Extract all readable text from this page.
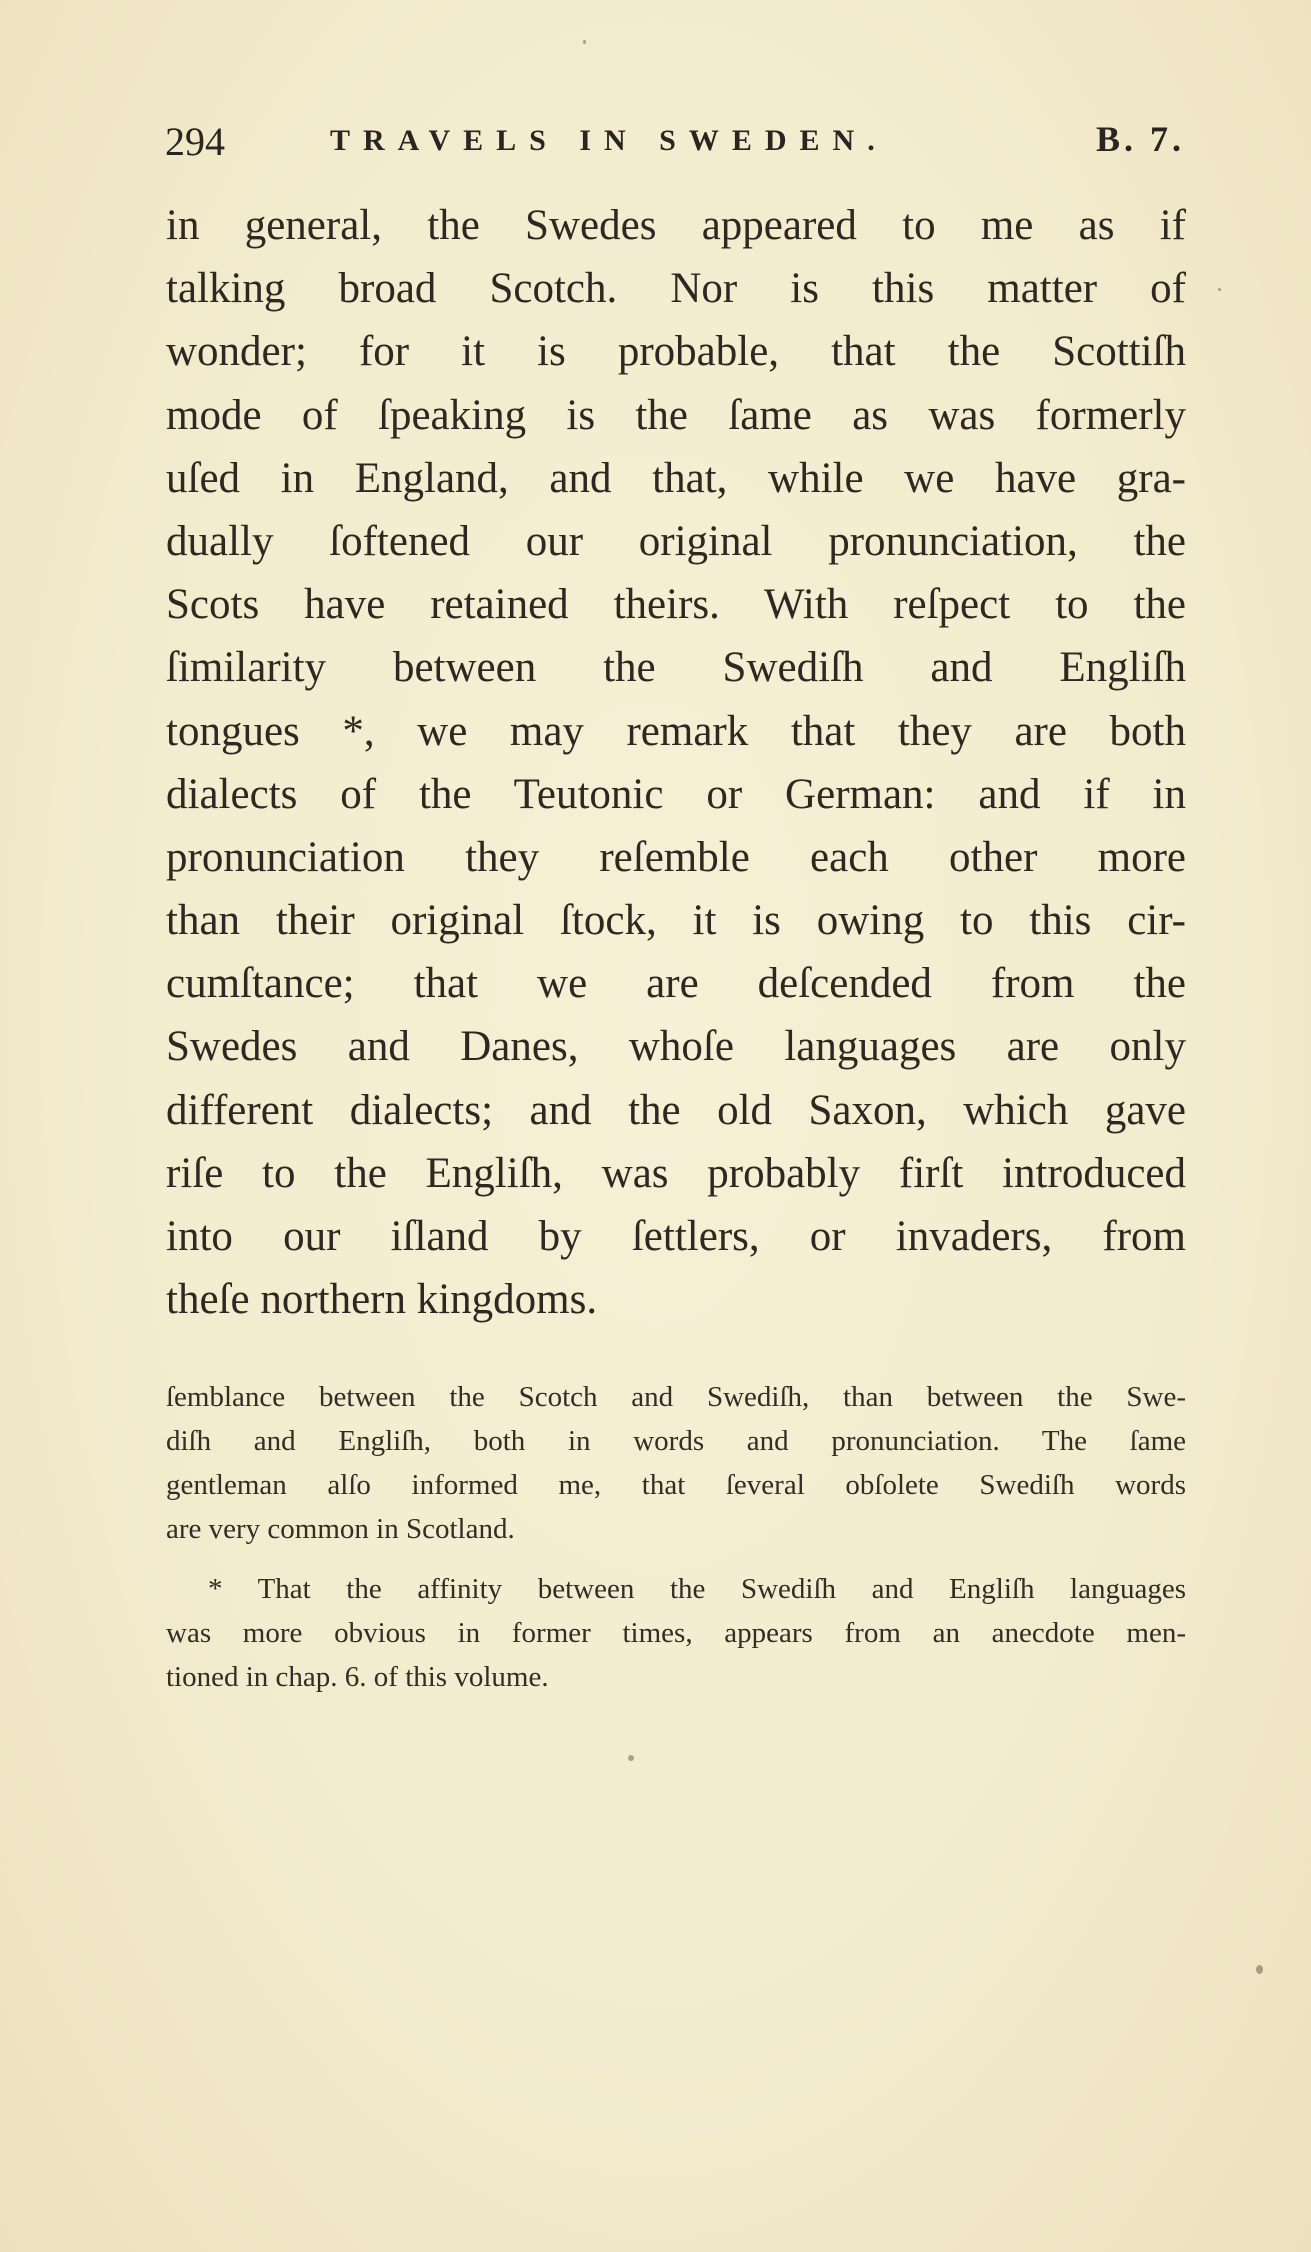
294	TRAVELS IN SWEDEN.	B. 7.
in general, the Swedes appeared to me as if
talking broad Scotch. Nor is this matter of
wonder; for it is probable, that the Scottiſh
mode of ſpeaking is the ſame as was formerly
uſed in England, and that, while we have gra-
dually ſoftened our original pronunciation, the
Scots have retained theirs. With reſpect to the
ſimilarity between the Swediſh and Engliſh
tongues *, we may remark that they are both
dialects of the Teutonic or German: and if in
pronunciation they reſemble each other more
than their original ſtock, it is owing to this cir-
cumſtance; that we are deſcended from the
Swedes and Danes, whoſe languages are only
different dialects; and the old Saxon, which gave
riſe to the Engliſh, was probably firſt introduced
into our iſland by ſettlers, or invaders, from
theſe northern kingdoms.
ſemblance between the Scotch and Swediſh, than between the Swe-
diſh and Engliſh, both in words and pronunciation. The ſame
gentleman alſo informed me, that ſeveral obſolete Swediſh words
are very common in Scotland.
* That the affinity between the Swediſh and Engliſh languages
was more obvious in former times, appears from an anecdote men-
tioned in chap. 6. of this volume.
